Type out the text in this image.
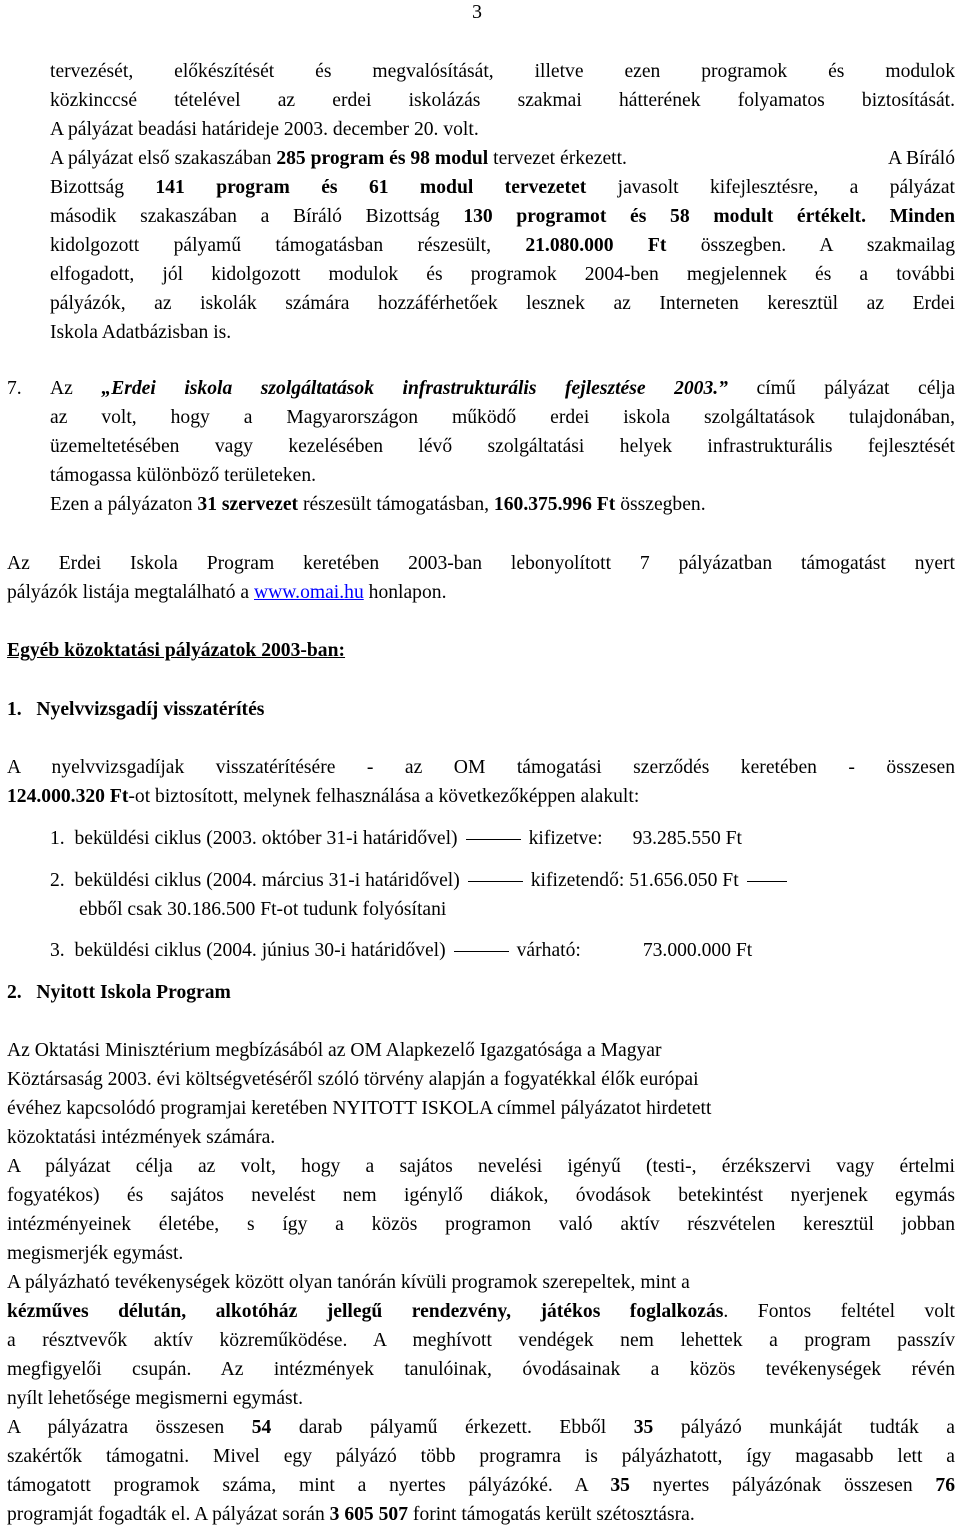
3
tervezését, előkészítését és megvalósítását, illetve ezen programok és modulok
közkinccsé tételével az erdei iskolázás szakmai hátterének folyamatos biztosítását.
A pályázat beadási határideje 2003. december 20. volt.
A pályázat első szakaszában 285 program és 98 modul tervezet érkezett.	A Bíráló
Bizottság 141 program és 61 modul tervezetet javasolt kifejlesztésre, a pályázat
második szakaszában a Bíráló Bizottság 130 programot és 58 modult értékelt. Minden
kidolgozott pályamű támogatásban részesült, 21.080.000 Ft összegben. A szakmailag
elfogadott, jól kidolgozott modulok és programok 2004-ben megjelennek és a további
pályázók, az iskolák számára hozzáférhetőek lesznek az Interneten keresztül az Erdei
Iskola Adatbázisban is.
7.	Az „Erdei iskola szolgáltatások infrastrukturális fejlesztése 2003.” című pályázat célja
az volt, hogy a Magyarországon működő erdei iskola szolgáltatások tulajdonában,
üzemeltetésében vagy kezelésében lévő szolgáltatási helyek infrastrukturális fejlesztését
támogassa különböző területeken.
Ezen a pályázaton 31 szervezet részesült támogatásban, 160.375.996 Ft összegben.
Az Erdei Iskola Program keretében 2003-ban lebonyolított 7 pályázatban támogatást nyert
pályázók listája megtalálható a www.omai.hu honlapon.
Egyéb közoktatási pályázatok 2003-ban:
1.   Nyelvvizsgadíj visszatérítés
A nyelvvizsgadíjak visszatérítésére - az OM támogatási szerződés keretében - összesen
124.000.320 Ft-ot biztosított, melynek felhasználása a következőképpen alakult:
1. beküldési ciklus (2003. október 31-i határidővel)	kifizetve: 93.285.550 Ft
2. beküldési ciklus (2004. március 31-i határidővel)	kifizetendő: 51.656.050 Ft
ebből csak 30.186.500 Ft-ot tudunk folyósítani
3. beküldési ciklus (2004. június 30-i határidővel)	várható:	73.000.000 Ft
2.   Nyitott Iskola Program
Az Oktatási Minisztérium megbízásából az OM Alapkezelő Igazgatósága a Magyar
Köztársaság 2003. évi költségvetéséről szóló törvény alapján a fogyatékkal élők európai
évéhez kapcsolódó programjai keretében NYITOTT ISKOLA címmel pályázatot hirdetett
közoktatási intézmények számára.
A pályázat célja az volt, hogy a sajátos nevelési igényű (testi-, érzékszervi vagy értelmi
fogyatékos) és sajátos nevelést nem igénylő diákok, óvodások betekintést nyerjenek egymás
intézményeinek életébe, s így a közös programon való aktív részvételen keresztül jobban
megismerjék egymást.
A pályázható tevékenységek között olyan tanórán kívüli programok szerepeltek, mint a
kézműves délután, alkotóház jellegű rendezvény, játékos foglalkozás. Fontos feltétel volt
a résztvevők aktív közreműködése. A meghívott vendégek nem lehettek a program passzív
megfigyelői csupán. Az intézmények tanulóinak, óvodásainak a közös tevékenységek révén
nyílt lehetősége megismerni egymást.
A pályázatra összesen 54 darab pályamű érkezett. Ebből 35 pályázó munkáját tudták a
szakértők támogatni. Mivel egy pályázó több programra is pályázhatott, így magasabb lett a
támogatott programok száma, mint a nyertes pályázóké. A 35 nyertes pályázónak összesen 76
programját fogadták el. A pályázat során 3 605 507 forint támogatás került szétosztásra.
